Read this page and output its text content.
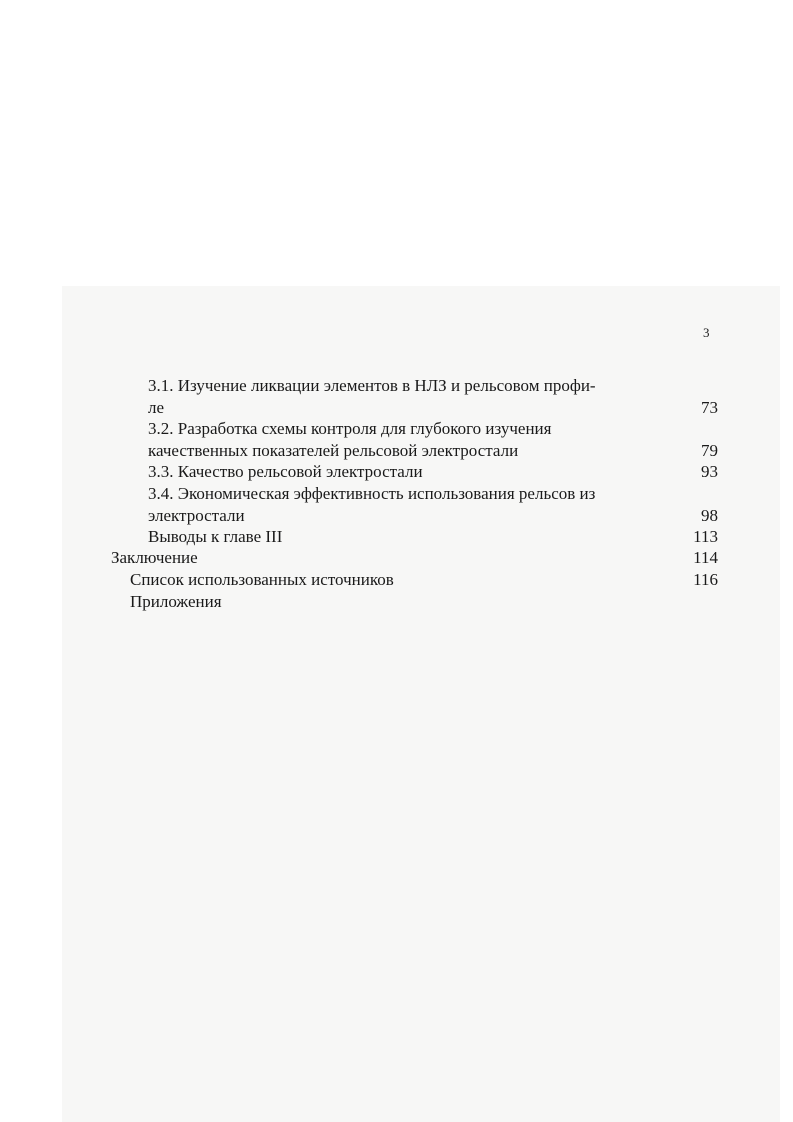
3
3.1. Изучение ликвации элементов в НЛЗ и рельсовом профи-
ле	73
3.2. Разработка схемы контроля для глубокого изучения
качественных показателей рельсовой электростали	79
3.3. Качество рельсовой электростали	93
3.4. Экономическая эффективность использования рельсов из
электростали	98
Выводы к главе III	113
Заключение	114
Список использованных источников	116
Приложения
